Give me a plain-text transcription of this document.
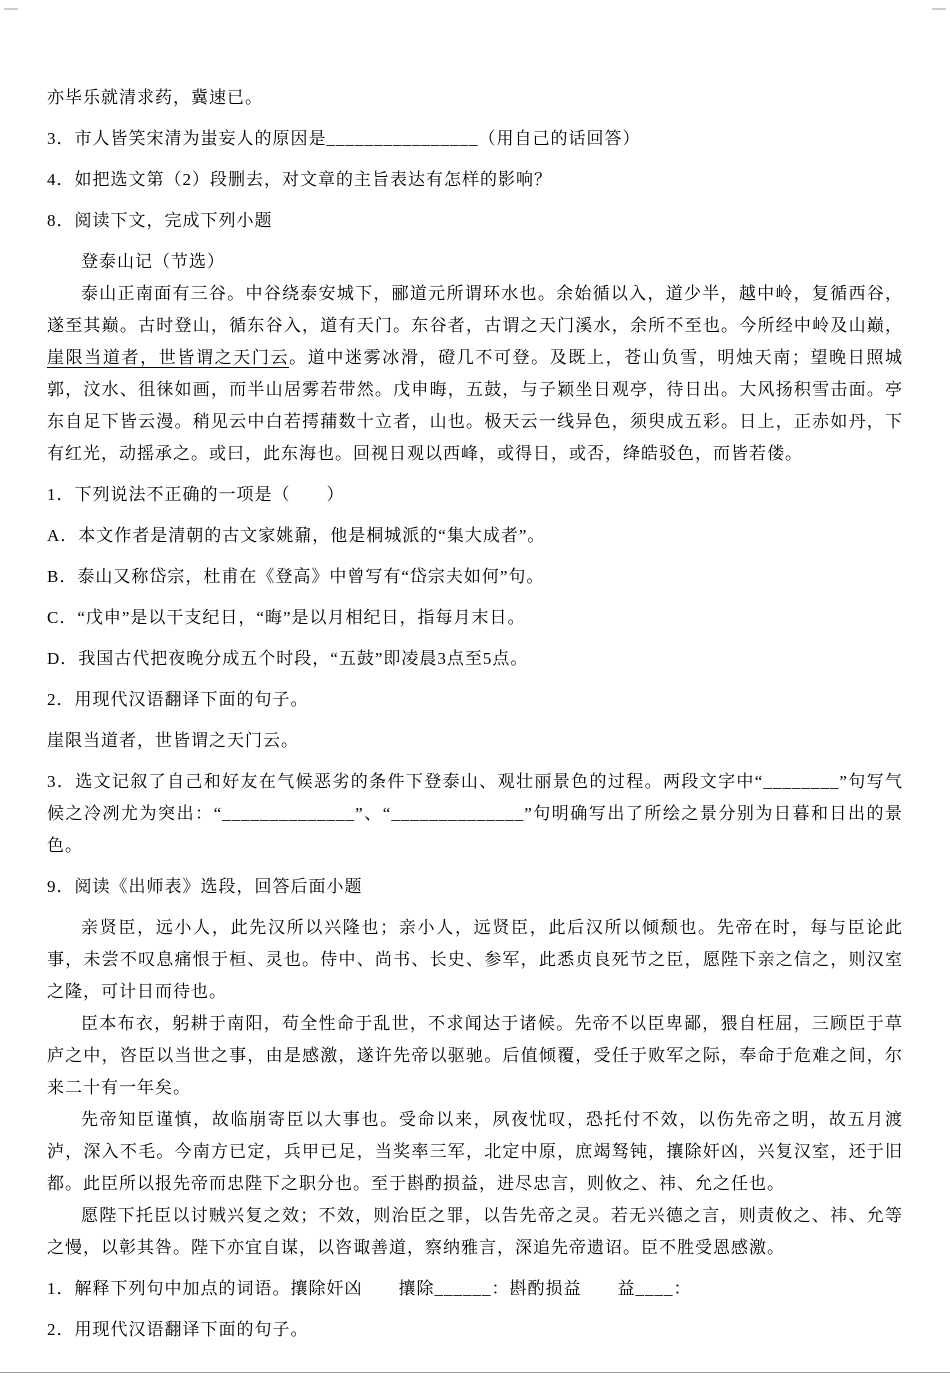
亦毕乐就清求药，冀速已。

3．市人皆笑宋清为蚩妄人的原因是________________（用自己的话回答）

4．如把选文第（2）段删去，对文章的主旨表达有怎样的影响？

8．阅读下文，完成下列小题

登泰山记（节选）

泰山正南面有三谷。中谷绕泰安城下，郦道元所谓环水也。余始循以入，道少半，越中岭，复循西谷，遂至其巅。古时登山，循东谷入，道有天门。东谷者，古谓之天门溪水，余所不至也。今所经中岭及山巅，崖限当道者，世皆谓之天门云。道中迷雾冰滑，磴几不可登。及既上，苍山负雪，明烛天南；望晚日照城郭，汶水、徂徕如画，而半山居雾若带然。戊申晦，五鼓，与子颖坐日观亭，待日出。大风扬积雪击面。亭东自足下皆云漫。稍见云中白若摴蒱数十立者，山也。极天云一线异色，须臾成五彩。日上，正赤如丹，下有红光，动摇承之。或曰，此东海也。回视日观以西峰，或得日，或否，绛皓驳色，而皆若偻。

1．下列说法不正确的一项是（　　）

A．本文作者是清朝的古文家姚鼐，他是桐城派的“集大成者”。

B．泰山又称岱宗，杜甫在《登高》中曾写有“岱宗夫如何”句。

C．“戊申”是以干支纪日，“晦”是以月相纪日，指每月末日。

D．我国古代把夜晚分成五个时段，“五鼓”即凌晨3点至5点。

2．用现代汉语翻译下面的句子。

崖限当道者，世皆谓之天门云。

3．选文记叙了自己和好友在气候恶劣的条件下登泰山、观壮丽景色的过程。两段文字中“________”句写气候之冷冽尤为突出：“______________”、“______________”句明确写出了所绘之景分别为日暮和日出的景色。

9．阅读《出师表》选段，回答后面小题

亲贤臣，远小人，此先汉所以兴隆也；亲小人，远贤臣，此后汉所以倾颓也。先帝在时，每与臣论此事，未尝不叹息痛恨于桓、灵也。侍中、尚书、长史、参军，此悉贞良死节之臣，愿陛下亲之信之，则汉室之隆，可计日而待也。

臣本布衣，躬耕于南阳，苟全性命于乱世，不求闻达于诸候。先帝不以臣卑鄙，猥自枉屈，三顾臣于草庐之中，咨臣以当世之事，由是感激，遂许先帝以驱驰。后值倾覆，受任于败军之际，奉命于危难之间，尔来二十有一年矣。

先帝知臣谨慎，故临崩寄臣以大事也。受命以来，夙夜忧叹，恐托付不效，以伤先帝之明，故五月渡泸，深入不毛。今南方已定，兵甲已足，当奖率三军，北定中原，庶竭驽钝，攘除奸凶，兴复汉室，还于旧都。此臣所以报先帝而忠陛下之职分也。至于斟酌损益，进尽忠言，则攸之、祎、允之任也。

愿陛下托臣以讨贼兴复之效；不效，则治臣之罪，以告先帝之灵。若无兴德之言，则责攸之、祎、允等之慢，以彰其咎。陛下亦宜自谋，以咨诹善道，察纳雅言，深追先帝遗诏。臣不胜受恩感激。

1．解释下列句中加点的词语。攘除奸凶　　攘除______：斟酌损益　　益____：

2．用现代汉语翻译下面的句子。
